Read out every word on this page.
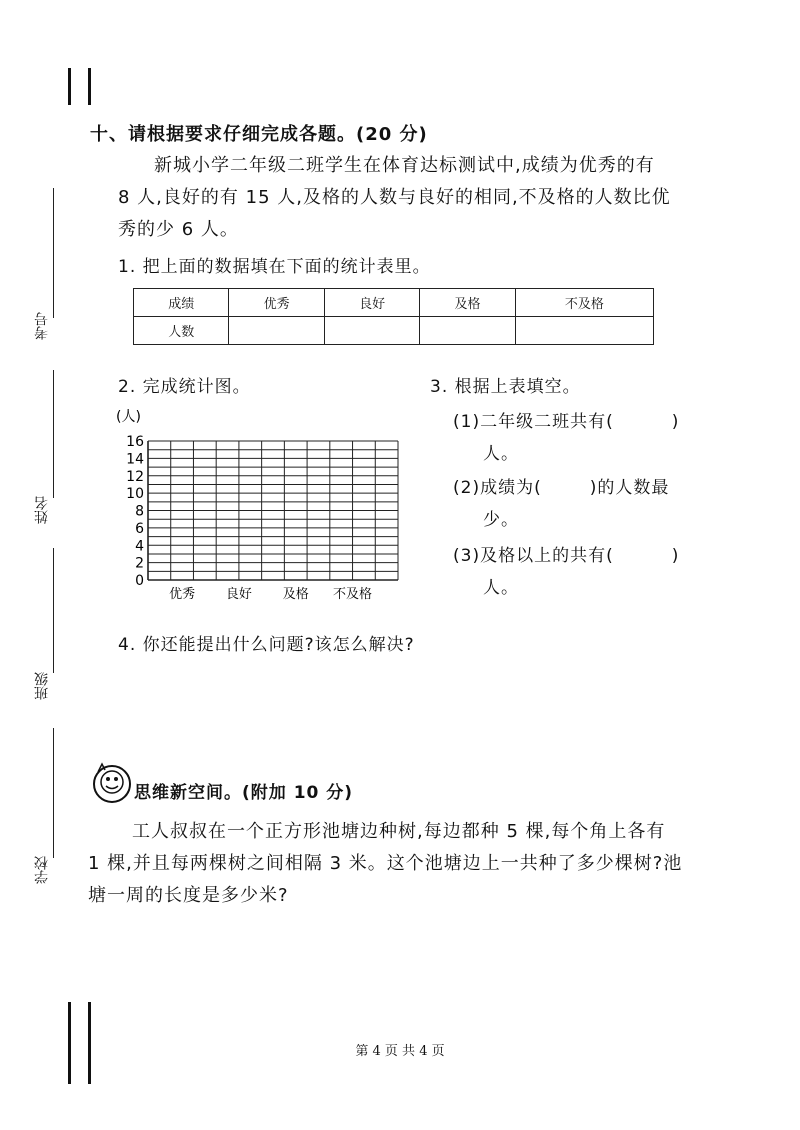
考号
姓名
班级
学校
十、请根据要求仔细完成各题。(20 分)
新城小学二年级二班学生在体育达标测试中,成绩为优秀的有
8 人,良好的有 15 人,及格的人数与良好的相同,不及格的人数比优
秀的少 6 人。
1. 把上面的数据填在下面的统计表里。
成绩	优秀	良好	及格	不及格
人数				
2. 完成统计图。
(人)
0
2
4
6
8
10
12
14
16
优秀 良好 及格 不及格
3. 根据上表填空。
(1)二年级二班共有(	)
人。
(2)成绩为(	)的人数最
少。
(3)及格以上的共有(	)
人。
4. 你还能提出什么问题?该怎么解决?
思维新空间。(附加 10 分)
工人叔叔在一个正方形池塘边种树,每边都种 5 棵,每个角上各有
1 棵,并且每两棵树之间相隔 3 米。这个池塘边上一共种了多少棵树?池
塘一周的长度是多少米?
第 4 页 共 4 页
